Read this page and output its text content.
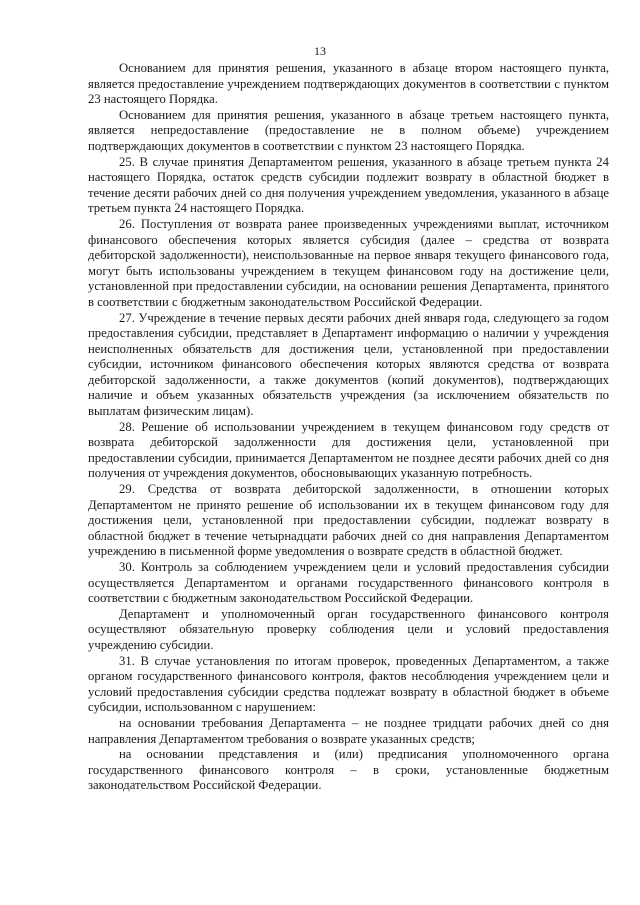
13

Основанием для принятия решения, указанного в абзаце втором настоящего пункта, является предоставление учреждением подтверждающих документов в соответствии с пунктом 23 настоящего Порядка.

Основанием для принятия решения, указанного в абзаце третьем настоящего пункта, является непредоставление (предоставление не в полном объеме) учреждением подтверждающих документов в соответствии с пунктом 23 настоящего Порядка.

25. В случае принятия Департаментом решения, указанного в абзаце третьем пункта 24 настоящего Порядка, остаток средств субсидии подлежит возврату в областной бюджет в течение десяти рабочих дней со дня получения учреждением уведомления, указанного в абзаце третьем пункта 24 настоящего Порядка.

26. Поступления от возврата ранее произведенных учреждениями выплат, источником финансового обеспечения которых является субсидия (далее – средства от возврата дебиторской задолженности), неиспользованные на первое января текущего финансового года, могут быть использованы учреждением в текущем финансовом году на достижение цели, установленной при предоставлении субсидии, на основании решения Департамента, принятого в соответствии с бюджетным законодательством Российской Федерации.

27. Учреждение в течение первых десяти рабочих дней января года, следующего за годом предоставления субсидии, представляет в Департамент информацию о наличии у учреждения неисполненных обязательств для достижения цели, установленной при предоставлении субсидии, источником финансового обеспечения которых являются средства от возврата дебиторской задолженности, а также документов (копий документов), подтверждающих наличие и объем указанных обязательств учреждения (за исключением обязательств по выплатам физическим лицам).

28. Решение об использовании учреждением в текущем финансовом году средств от возврата дебиторской задолженности для достижения цели, установленной при предоставлении субсидии, принимается Департаментом не позднее десяти рабочих дней со дня получения от учреждения документов, обосновывающих указанную потребность.

29. Средства от возврата дебиторской задолженности, в отношении которых Департаментом не принято решение об использовании их в текущем финансовом году для достижения цели, установленной при предоставлении субсидии, подлежат возврату в областной бюджет в течение четырнадцати рабочих дней со дня направления Департаментом учреждению в письменной форме уведомления о возврате средств в областной бюджет.

30. Контроль за соблюдением учреждением цели и условий предоставления субсидии осуществляется Департаментом и органами государственного финансового контроля в соответствии с бюджетным законодательством Российской Федерации.

Департамент и уполномоченный орган государственного финансового контроля осуществляют обязательную проверку соблюдения цели и условий предоставления учреждению субсидии.

31. В случае установления по итогам проверок, проведенных Департаментом, а также органом государственного финансового контроля, фактов несоблюдения учреждением цели и условий предоставления субсидии средства подлежат возврату в областной бюджет в объеме субсидии, использованном с нарушением:

на основании требования Департамента – не позднее тридцати рабочих дней со дня направления Департаментом требования о возврате указанных средств;

на основании представления и (или) предписания уполномоченного органа государственного финансового контроля – в сроки, установленные бюджетным законодательством Российской Федерации.
